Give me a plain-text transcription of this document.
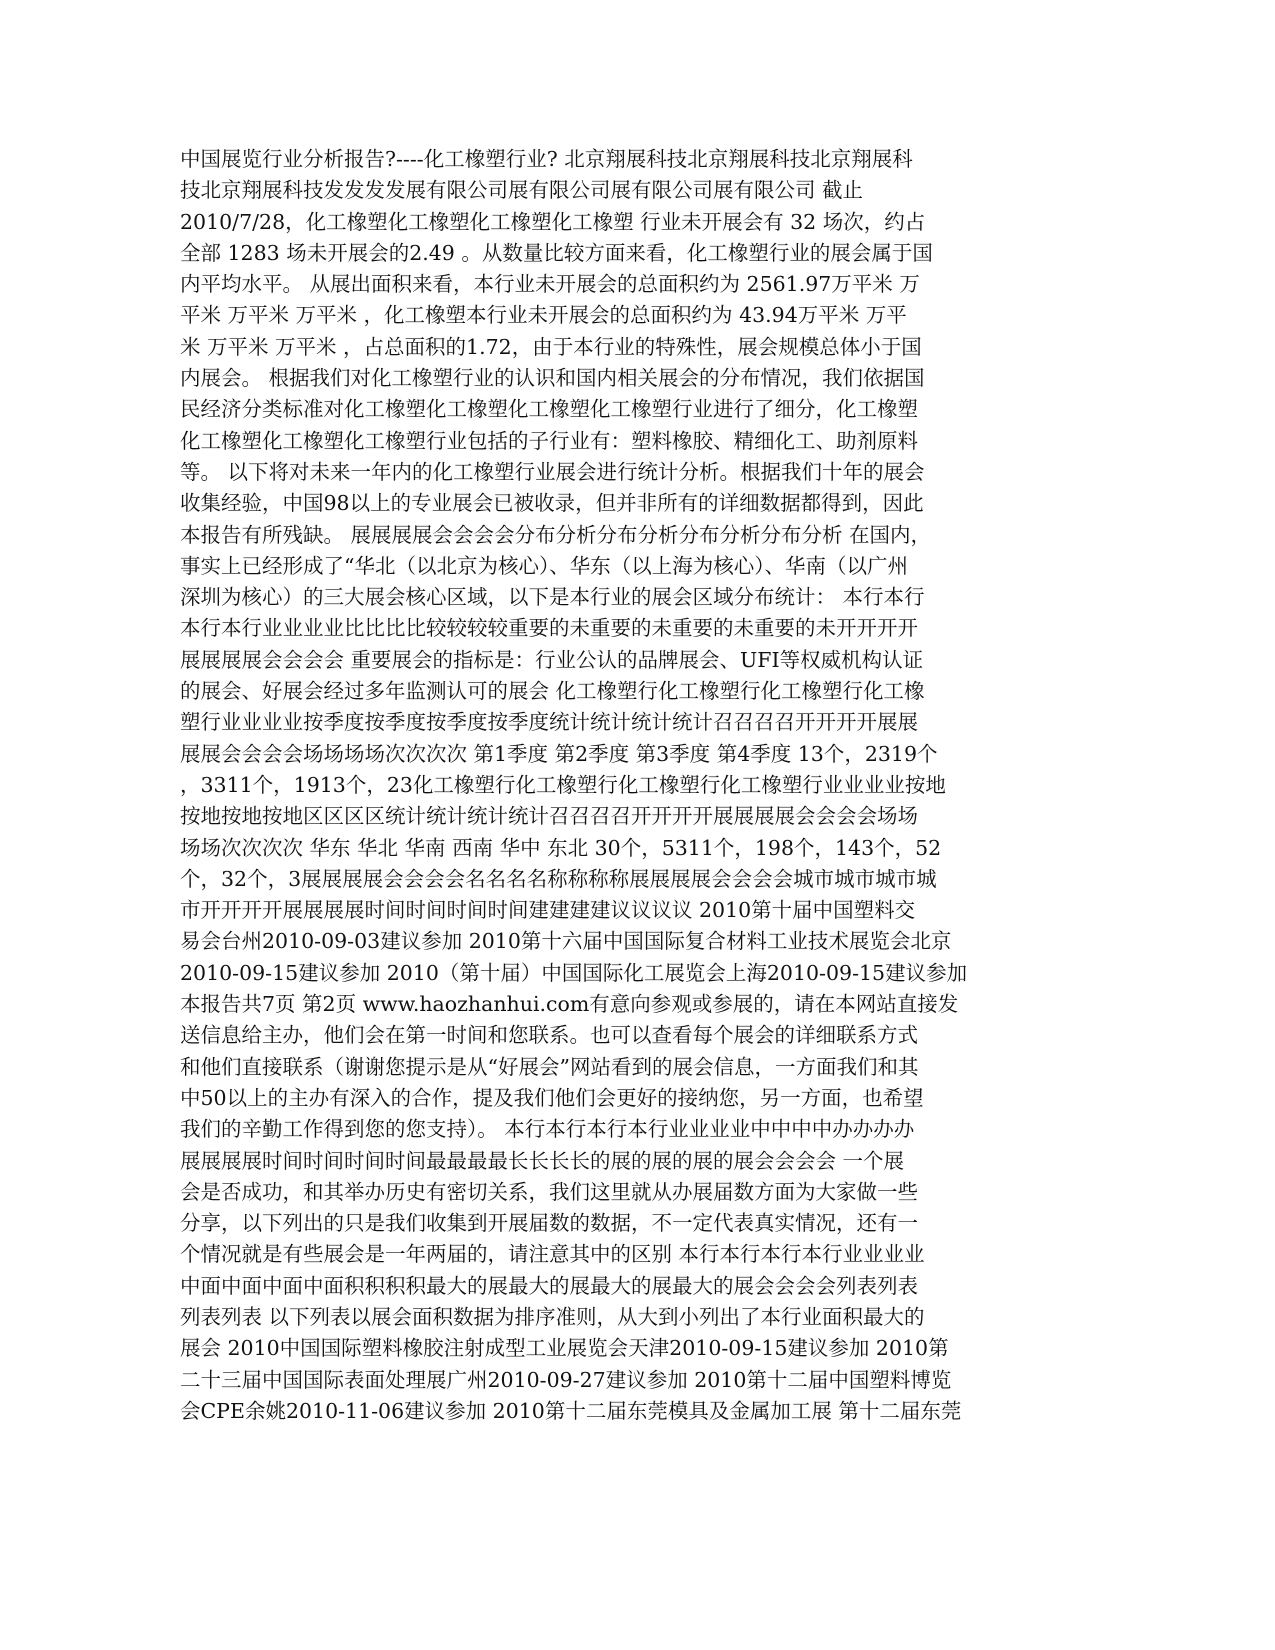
中国展览行业分析报告?----化工橡塑行业? 北京翔展科技北京翔展科技北京翔展科
技北京翔展科技发发发发展有限公司展有限公司展有限公司展有限公司 截止
2010/7/28，化工橡塑化工橡塑化工橡塑化工橡塑 行业未开展会有 32 场次，约占
全部 1283 场未开展会的2.49 。从数量比较方面来看，化工橡塑行业的展会属于国
内平均水平。 从展出面积来看，本行业未开展会的总面积约为 2561.97万平米 万
平米 万平米 万平米 ，化工橡塑本行业未开展会的总面积约为 43.94万平米 万平
米 万平米 万平米 ，占总面积的1.72，由于本行业的特殊性，展会规模总体小于国
内展会。 根据我们对化工橡塑行业的认识和国内相关展会的分布情况，我们依据国
民经济分类标准对化工橡塑化工橡塑化工橡塑化工橡塑行业进行了细分，化工橡塑
化工橡塑化工橡塑化工橡塑行业包括的子行业有：塑料橡胶、精细化工、助剂原料
等。 以下将对未来一年内的化工橡塑行业展会进行统计分析。根据我们十年的展会
收集经验，中国98以上的专业展会已被收录，但并非所有的详细数据都得到，因此
本报告有所残缺。 展展展展会会会会分布分析分布分析分布分析分布分析 在国内，
事实上已经形成了“华北（以北京为核心）、华东（以上海为核心）、华南（以广州
深圳为核心）的三大展会核心区域，以下是本行业的展会区域分布统计： 本行本行
本行本行业业业业比比比比较较较较重要的未重要的未重要的未重要的未开开开开
展展展展会会会会 重要展会的指标是：行业公认的品牌展会、UFI等权威机构认证
的展会、好展会经过多年监测认可的展会 化工橡塑行化工橡塑行化工橡塑行化工橡
塑行业业业业按季度按季度按季度按季度统计统计统计统计召召召召开开开开展展
展展会会会会场场场场次次次次 第1季度 第2季度 第3季度 第4季度 13个，2319个
，3311个，1913个，23化工橡塑行化工橡塑行化工橡塑行化工橡塑行业业业业按地
按地按地按地区区区区统计统计统计统计召召召召开开开开展展展展会会会会场场
场场次次次次 华东 华北 华南 西南 华中 东北 30个，5311个，198个，143个，52
个，32个，3展展展展会会会会名名名名称称称称展展展展会会会会城市城市城市城
市开开开开展展展展时间时间时间时间建建建建议议议议 2010第十届中国塑料交
易会台州2010-09-03建议参加 2010第十六届中国国际复合材料工业技术展览会北京
2010-09-15建议参加 2010（第十届）中国国际化工展览会上海2010-09-15建议参加
本报告共7页 第2页 www.haozhanhui.com有意向参观或参展的，请在本网站直接发
送信息给主办，他们会在第一时间和您联系。也可以查看每个展会的详细联系方式
和他们直接联系（谢谢您提示是从“好展会”网站看到的展会信息，一方面我们和其
中50以上的主办有深入的合作，提及我们他们会更好的接纳您，另一方面，也希望
我们的辛勤工作得到您的您支持）。 本行本行本行本行业业业业中中中中办办办办
展展展展时间时间时间时间最最最最长长长长的展的展的展的展会会会会 一个展
会是否成功，和其举办历史有密切关系，我们这里就从办展届数方面为大家做一些
分享，以下列出的只是我们收集到开展届数的数据，不一定代表真实情况，还有一
个情况就是有些展会是一年两届的，请注意其中的区别 本行本行本行本行业业业业
中面中面中面中面积积积积最大的展最大的展最大的展最大的展会会会会列表列表
列表列表 以下列表以展会面积数据为排序准则，从大到小列出了本行业面积最大的
展会 2010中国国际塑料橡胶注射成型工业展览会天津2010-09-15建议参加 2010第
二十三届中国国际表面处理展广州2010-09-27建议参加 2010第十二届中国塑料博览
会CPE余姚2010-11-06建议参加 2010第十二届东莞模具及金属加工展 第十二届东莞
